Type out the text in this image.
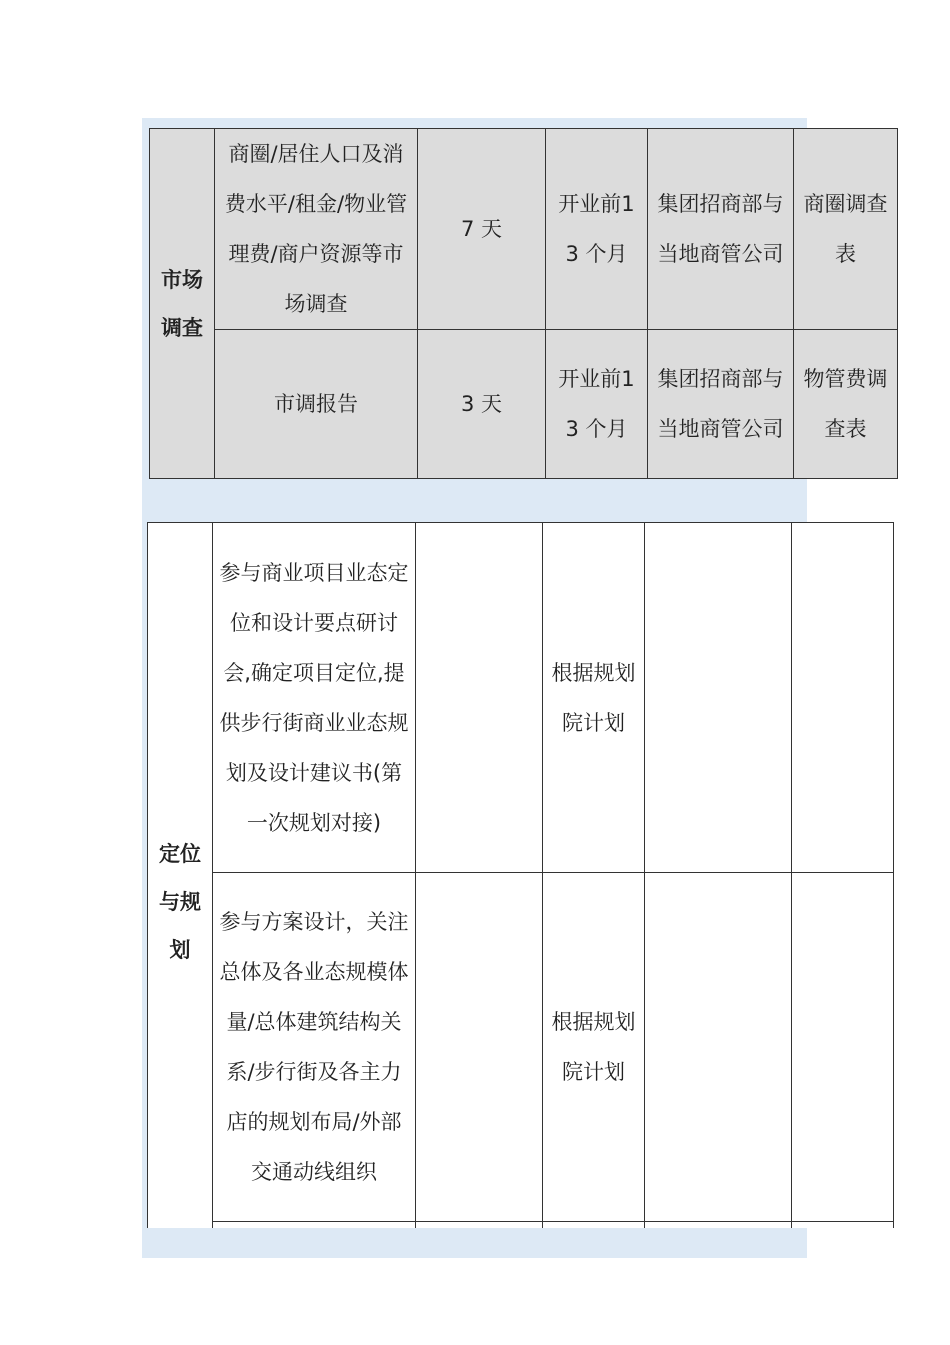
市场调查	商圈/居住人口及消费水平/租金/物业管理费/商户资源等市场调查	7 天	开业前13 个月	集团招商部与当地商管公司	商圈调查表
	市调报告	3 天	开业前13 个月	集团招商部与当地商管公司	物管费调查表
定位与规划	参与商业项目业态定位和设计要点研讨会,确定项目定位,提供步行街商业业态规划及设计建议书(第一次规划对接)		根据规划院计划		
	参与方案设计，关注总体及各业态规模体量/总体建筑结构关系/步行街及各主力店的规划布局/外部交通动线组织		根据规划院计划		
